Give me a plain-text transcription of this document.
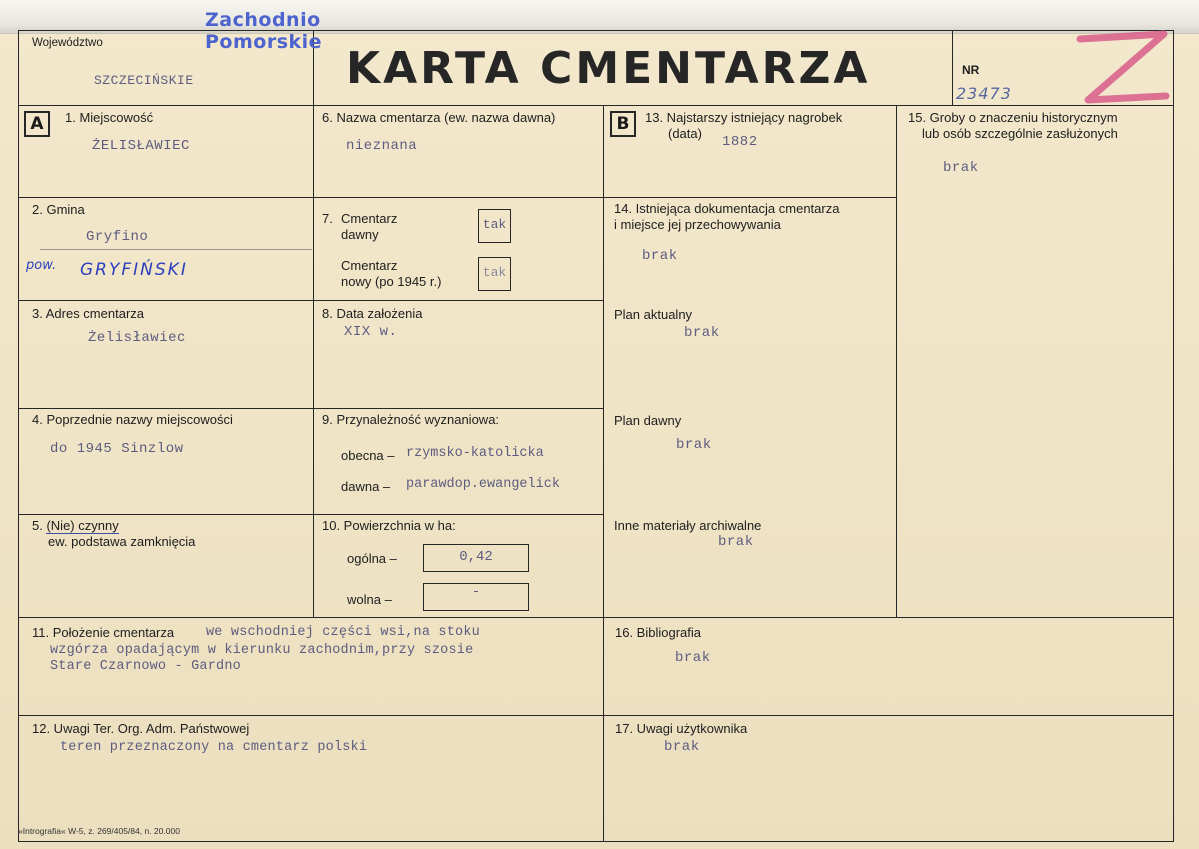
Województwo
SZCZECIŃSKIE
Zachodnio
Pomorskie
KARTA CMENTARZA	NR
23473
A	B
1. Miejscowość
ŻELISŁAWIEC
2. Gmina
Gryfino
pow. GRYFIŃSKI
3. Adres cmentarza
Żelisławiec
4. Poprzednie nazwy miejscowości
do 1945 Sinzlow
5. (Nie) czynny
ew. podstawa zamknięcia
6. Nazwa cmentarza (ew. nazwa dawna)
nieznana
7. Cmentarz
dawny
tak
Cmentarz
nowy (po 1945 r.)
tak
8. Data założenia
XIX w.
9. Przynależność wyznaniowa:
obecna – rzymsko-katolicka
dawna – parawdop.ewangelick
10. Powierzchnia w ha:
ogólna –	0,42
wolna –	-
11. Położenie cmentarza we wschodniej części wsi,na stoku
wzgórza opadającym w kierunku zachodnim,przy szosie
Stare Czarnowo - Gardno
12. Uwagi Ter. Org. Adm. Państwowej
teren przeznaczony na cmentarz polski
13. Najstarszy istniejący nagrobek
(data)
1882
14. Istniejąca dokumentacja cmentarza
i miejsce jej przechowywania
brak
Plan aktualny
brak
Plan dawny
brak
Inne materiały archiwalne
brak
15. Groby o znaczeniu historycznym
lub osób szczególnie zasłużonych
brak
16. Bibliografia
brak
17. Uwagi użytkownika
brak
»Intrografia« W-5, z. 269/405/84, n. 20.000
